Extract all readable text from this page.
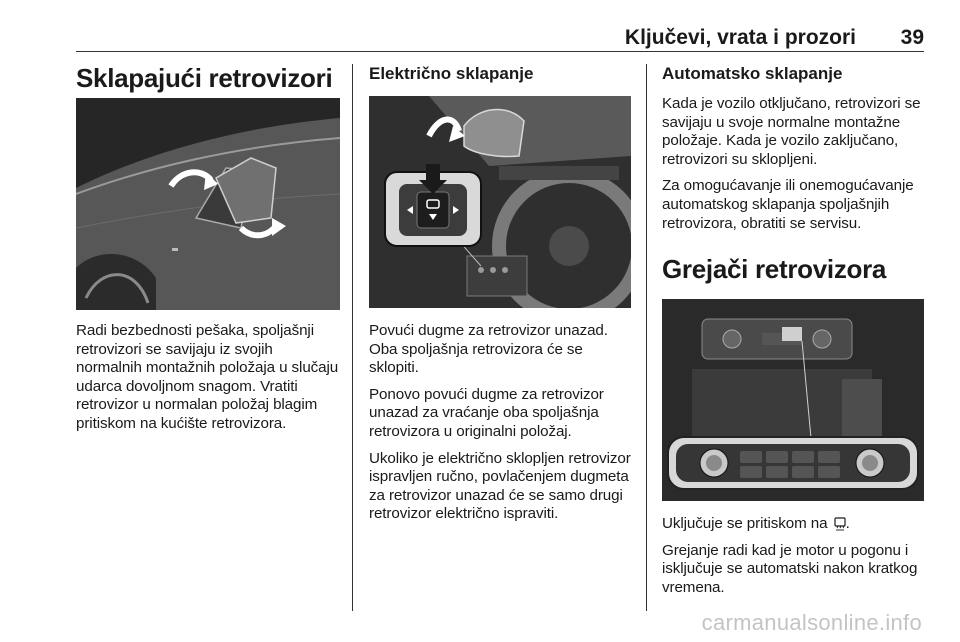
Ključevi, vrata i prozori 39
Sklapajući retrovizori

Radi bezbednosti pešaka, spoljašnji retrovizori se savijaju iz svojih normalnih montažnih položaja u slučaju udarca dovoljnom snagom. Vratiti retrovizor u normalan položaj blagim pritiskom na kućište retrovizora.

Električno sklapanje

Povući dugme za retrovizor unazad. Oba spoljašnja retrovizora će se sklopiti.

Ponovo povući dugme za retrovizor unazad za vraćanje oba spoljašnja retrovizora u originalni položaj.

Ukoliko je električno sklopljen retrovizor ispravljen ručno, povlačenjem dugmeta za retrovizor unazad će se samo drugi retrovizor električno ispraviti.

Automatsko sklapanje

Kada je vozilo otključano, retrovizori se savijaju u svoje normalne montažne položaje. Kada je vozilo zaključano, retrovizori su sklopljeni.

Za omogućavanje ili onemogućavanje automatskog sklapanja spoljašnjih retrovizora, obratiti se servisu.

Grejači retrovizora

Uključuje se pritiskom na .

Grejanje radi kad je motor u pogonu i isključuje se automatski nakon kratkog vremena.

carmanualsonline.info
